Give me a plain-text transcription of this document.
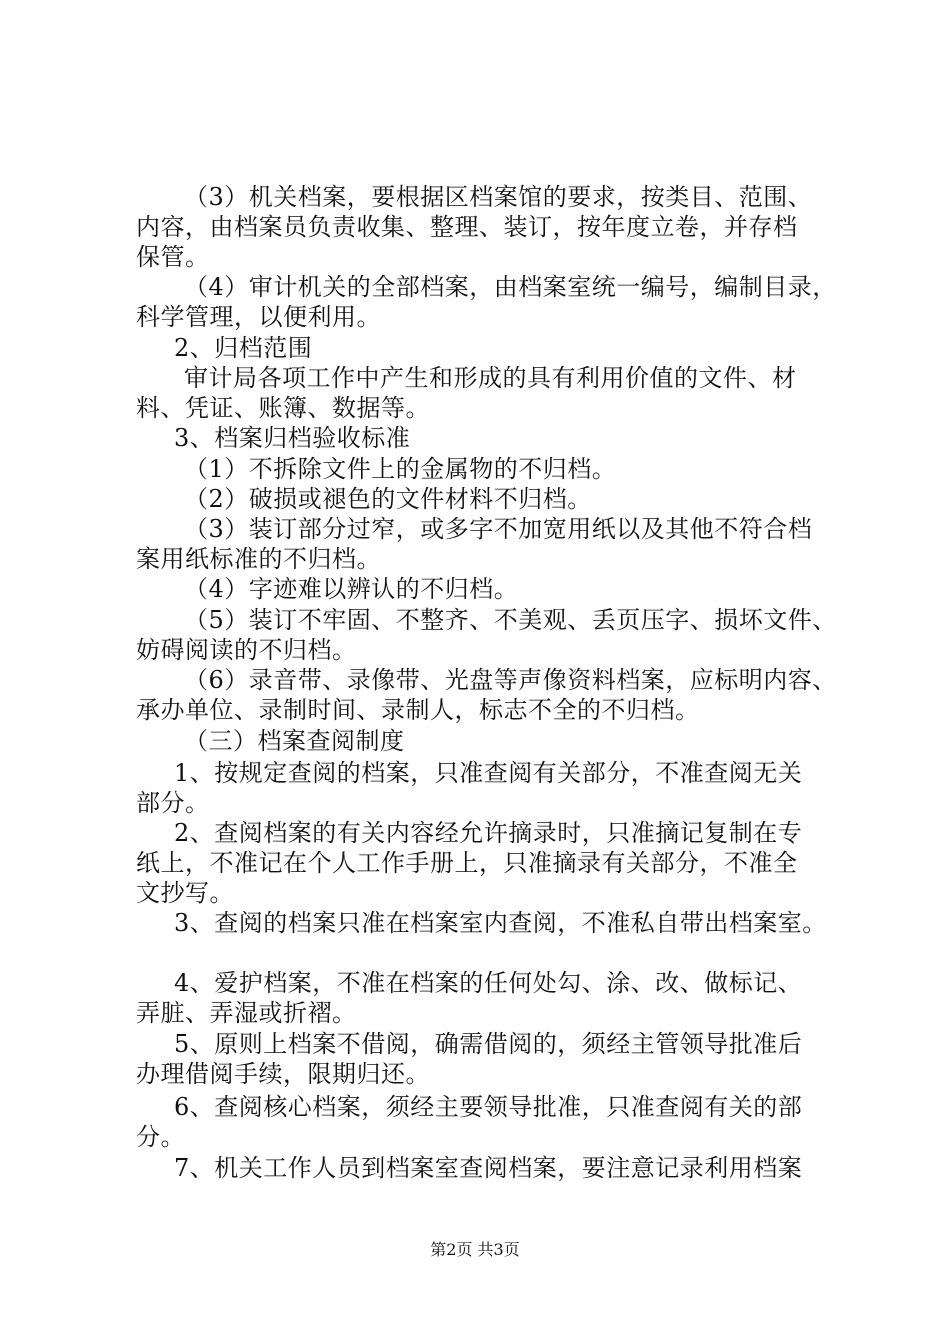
（3）机关档案，要根据区档案馆的要求，按类目、范围、
内容，由档案员负责收集、整理、装订，按年度立卷，并存档
保管。
（4）审计机关的全部档案，由档案室统一编号，编制目录，
科学管理，以便利用。
2、归档范围
审计局各项工作中产生和形成的具有利用价值的文件、材
料、凭证、账簿、数据等。
3、档案归档验收标准
（1）不拆除文件上的金属物的不归档。
（2）破损或褪色的文件材料不归档。
（3）装订部分过窄，或多字不加宽用纸以及其他不符合档
案用纸标准的不归档。
（4）字迹难以辨认的不归档。
（5）装订不牢固、不整齐、不美观、丢页压字、损坏文件、
妨碍阅读的不归档。
（6）录音带、录像带、光盘等声像资料档案，应标明内容、
承办单位、录制时间、录制人，标志不全的不归档。
（三）档案查阅制度
1、按规定查阅的档案，只准查阅有关部分，不准查阅无关
部分。
2、查阅档案的有关内容经允许摘录时，只准摘记复制在专
纸上，不准记在个人工作手册上，只准摘录有关部分，不准全
文抄写。
3、查阅的档案只准在档案室内查阅，不准私自带出档案室。
4、爱护档案，不准在档案的任何处勾、涂、改、做标记、
弄脏、弄湿或折褶。
5、原则上档案不借阅，确需借阅的，须经主管领导批准后
办理借阅手续，限期归还。
6、查阅核心档案，须经主要领导批准，只准查阅有关的部
分。
7、机关工作人员到档案室查阅档案，要注意记录利用档案
第2页 共3页
